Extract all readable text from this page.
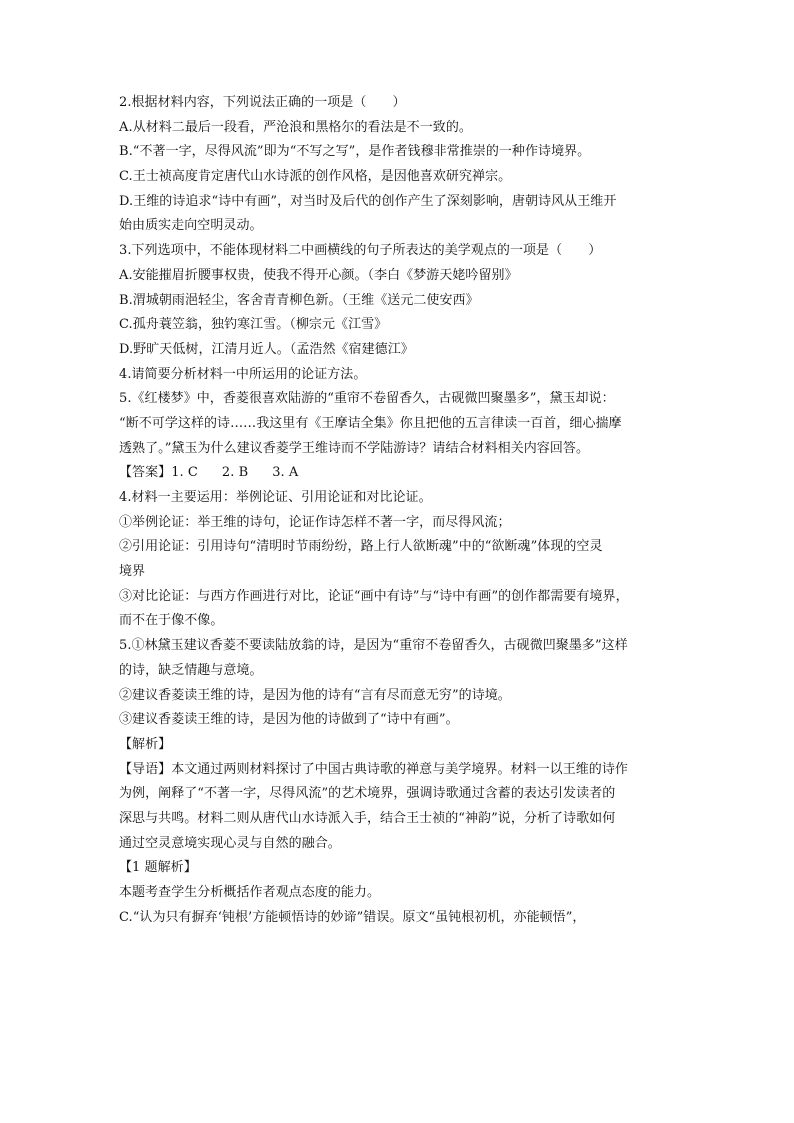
2.根据材料内容，下列说法正确的一项是（　　）
A.从材料二最后一段看，严沧浪和黑格尔的看法是不一致的。
B.“不著一字，尽得风流”即为“不写之写”，是作者钱穆非常推崇的一种作诗境界。
C.王士祯高度肯定唐代山水诗派的创作风格，是因他喜欢研究禅宗。
D.王维的诗追求“诗中有画”，对当时及后代的创作产生了深刻影响，唐朝诗风从王维开
始由质实走向空明灵动。
3.下列选项中，不能体现材料二中画横线的句子所表达的美学观点的一项是（　　）
A.安能摧眉折腰事权贵，使我不得开心颜。（李白《梦游天姥吟留别》
B.渭城朝雨浥轻尘，客舍青青柳色新。（王维《送元二使安西》
C.孤舟蓑笠翁，独钓寒江雪。（柳宗元《江雪》
D.野旷天低树，江清月近人。（孟浩然《宿建德江》
4.请简要分析材料一中所运用的论证方法。
5.《红楼梦》中，香菱很喜欢陆游的“重帘不卷留香久，古砚微凹聚墨多”，黛玉却说：
“断不可学这样的诗……我这里有《王摩诘全集》你且把他的五言律读一百首，细心揣摩
透熟了。”黛玉为什么建议香菱学王维诗而不学陆游诗？请结合材料相关内容回答。
【答案】1. C 2. B 3. A
4.材料一主要运用：举例论证、引用论证和对比论证。
①举例论证：举王维的诗句，论证作诗怎样不著一字，而尽得风流；
②引用论证：引用诗句“清明时节雨纷纷，路上行人欲断魂”中的“欲断魂”体现的空灵
境界
③对比论证：与西方作画进行对比，论证“画中有诗”与“诗中有画”的创作都需要有境界，
而不在于像不像。
5.①林黛玉建议香菱不要读陆放翁的诗，是因为“重帘不卷留香久，古砚微凹聚墨多”这样
的诗，缺乏情趣与意境。
②建议香菱读王维的诗，是因为他的诗有“言有尽而意无穷”的诗境。
③建议香菱读王维的诗，是因为他的诗做到了“诗中有画”。
【解析】
【导语】本文通过两则材料探讨了中国古典诗歌的禅意与美学境界。材料一以王维的诗作
为例，阐释了“不著一字，尽得风流”的艺术境界，强调诗歌通过含蓄的表达引发读者的
深思与共鸣。材料二则从唐代山水诗派入手，结合王士祯的“神韵”说，分析了诗歌如何
通过空灵意境实现心灵与自然的融合。
【1 题解析】
本题考查学生分析概括作者观点态度的能力。
C.“认为只有摒弃‘钝根’方能顿悟诗的妙谛”错误。原文“虽钝根初机，亦能顿悟”，
